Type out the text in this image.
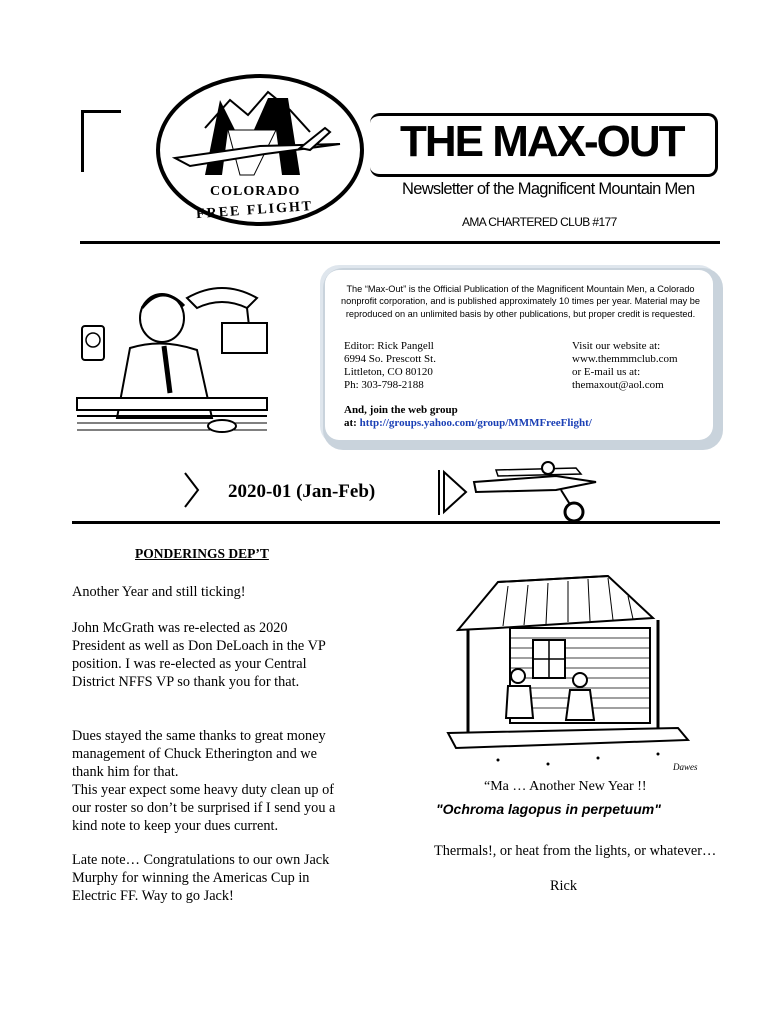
COLORADO
FREE FLIGHT
THE MAX-OUT
Newsletter of the Magnificent Mountain Men
AMA CHARTERED CLUB #177
The “Max-Out” is the Official Publication of the Magnificent Mountain Men, a Colorado nonprofit corporation, and is published approximately 10 times per year. Material may be reproduced on an unlimited basis by other publications, but proper credit is requested.
Editor: Rick Pangell
6994 So. Prescott St.
Littleton, CO 80120
Ph: 303-798-2188
Visit our website at:
www.themmmclub.com
or E-mail us at:
themaxout@aol.com
And, join the web group
at: http://groups.yahoo.com/group/MMMFreeFlight/
2020-01 (Jan-Feb)
PONDERINGS DEP’T
Another Year and still ticking!
John McGrath was re-elected as 2020 President as well as Don DeLoach in the VP position. I was re-elected as your Central District NFFS VP so thank you for that.
Dues stayed the same thanks to great money management of Chuck Etherington and we thank him for that.
This year expect some heavy duty clean up of our roster so don’t be surprised if I send you a kind note to keep your dues current.
Late note… Congratulations to our own Jack Murphy for winning the Americas Cup in Electric FF. Way to go Jack!
Dawes
“Ma … Another New Year !!
"Ochroma lagopus in perpetuum"
Thermals!, or heat from the lights, or whatever…
Rick
